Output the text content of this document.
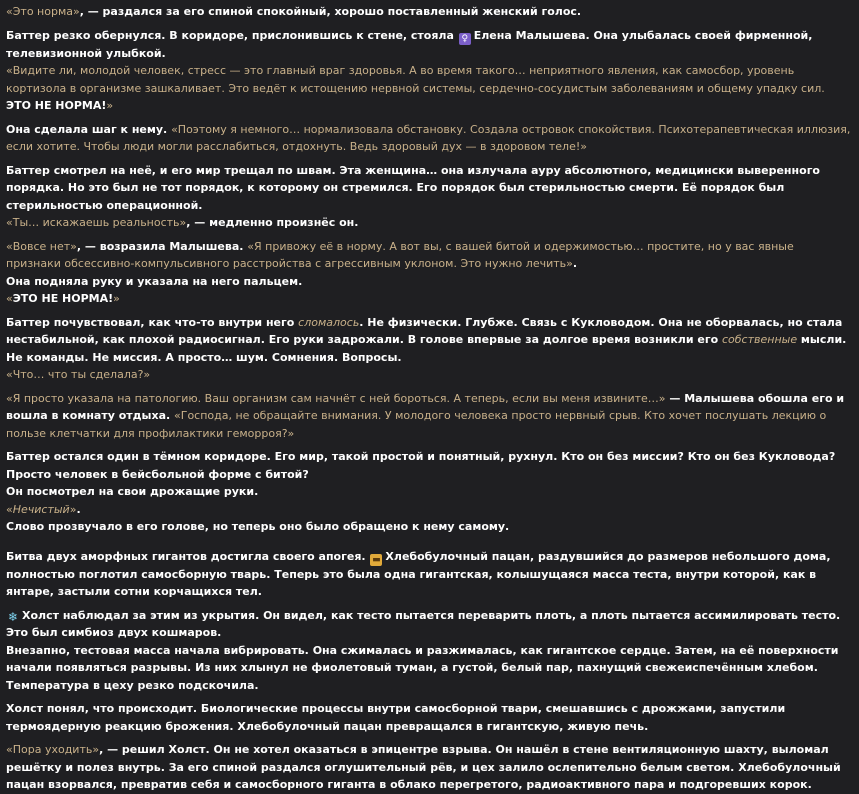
«Это норма», — раздался за его спиной спокойный, хорошо поставленный женский голос.

Баттер резко обернулся. В коридоре, прислонившись к стене, стояла ♀ Елена Малышева. Она улыбалась своей фирменной, телевизионной улыбкой.
«Видите ли, молодой человек, стресс — это главный враг здоровья. А во время такого… неприятного явления, как самосбор, уровень кортизола в организме зашкаливает. Это ведёт к истощению нервной системы, сердечно-сосудистым заболеваниям и общему упадку сил. ЭТО НЕ НОРМА!»

Она сделала шаг к нему. «Поэтому я немного… нормализовала обстановку. Создала островок спокойствия. Психотерапевтическая иллюзия, если хотите. Чтобы люди могли расслабиться, отдохнуть. Ведь здоровый дух — в здоровом теле!»

Баттер смотрел на неё, и его мир трещал по швам. Эта женщина… она излучала ауру абсолютного, медицински выверенного порядка. Но это был не тот порядок, к которому он стремился. Его порядок был стерильностью смерти. Её порядок был стерильностью операционной.
«Ты… искажаешь реальность», — медленно произнёс он.

«Вовсе нет», — возразила Малышева. «Я привожу её в норму. А вот вы, с вашей битой и одержимостью… простите, но у вас явные признаки обсессивно-компульсивного расстройства с агрессивным уклоном. Это нужно лечить».
Она подняла руку и указала на него пальцем.
«ЭТО НЕ НОРМА!»

Баттер почувствовал, как что-то внутри него сломалось. Не физически. Глубже. Связь с Кукловодом. Она не оборвалась, но стала нестабильной, как плохой радиосигнал. Его руки задрожали. В голове впервые за долгое время возникли его собственные мысли. Не команды. Не миссия. А просто… шум. Сомнения. Вопросы.
«Что… что ты сделала?»

«Я просто указала на патологию. Ваш организм сам начнёт с ней бороться. А теперь, если вы меня извините…» — Малышева обошла его и вошла в комнату отдыха. «Господа, не обращайте внимания. У молодого человека просто нервный срыв. Кто хочет послушать лекцию о пользе клетчатки для профилактики геморроя?»

Баттер остался один в тёмном коридоре. Его мир, такой простой и понятный, рухнул. Кто он без миссии? Кто он без Кукловода? Просто человек в бейсбольной форме с битой?
Он посмотрел на свои дрожащие руки.
«Нечистый».
Слово прозвучало в его голове, но теперь оно было обращено к нему самому.

Битва двух аморфных гигантов достигла своего апогея. ▬ Хлебобулочный пацан, раздувшийся до размеров небольшого дома, полностью поглотил самосборную тварь. Теперь это была одна гигантская, колышущаяся масса теста, внутри которой, как в янтаре, застыли сотни корчащихся тел.

❄ Холст наблюдал за этим из укрытия. Он видел, как тесто пытается переварить плоть, а плоть пытается ассимилировать тесто. Это был симбиоз двух кошмаров.
Внезапно, тестовая масса начала вибрировать. Она сжималась и разжималась, как гигантское сердце. Затем, на её поверхности начали появляться разрывы. Из них хлынул не фиолетовый туман, а густой, белый пар, пахнущий свежеиспечённым хлебом.
Температура в цеху резко подскочила.

Холст понял, что происходит. Биологические процессы внутри самосборной твари, смешавшись с дрожжами, запустили термоядерную реакцию брожения. Хлебобулочный пацан превращался в гигантскую, живую печь.

«Пора уходить», — решил Холст. Он не хотел оказаться в эпицентре взрыва. Он нашёл в стене вентиляционную шахту, выломал решётку и полез внутрь. За его спиной раздался оглушительный рёв, и цех залило ослепительно белым светом. Хлебобулочный пацан взорвался, превратив себя и самосборного гиганта в облако перегретого, радиоактивного пара и подгоревших корок.
